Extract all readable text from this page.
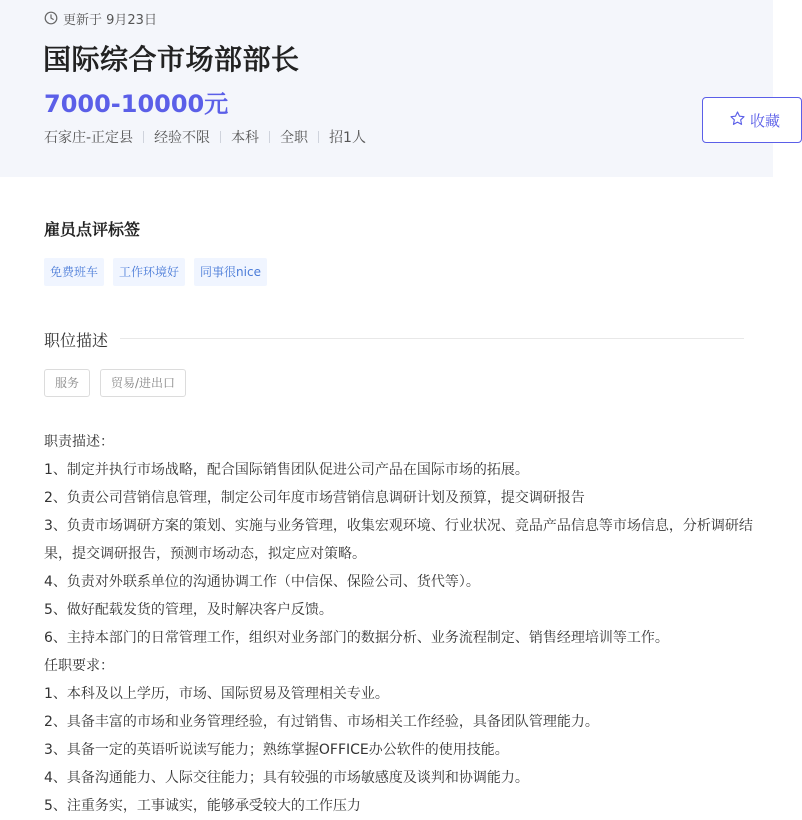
更新于 9月23日
国际综合市场部部长
7000-10000元
石家庄-正定县 经验不限 本科 全职 招1人
收藏
雇员点评标签
免费班车	工作环境好	同事很nice
职位描述
服务	贸易/进出口
职责描述：
1、制定并执行市场战略，配合国际销售团队促进公司产品在国际市场的拓展。
2、负责公司营销信息管理，制定公司年度市场营销信息调研计划及预算，提交调研报告
3、负责市场调研方案的策划、实施与业务管理，收集宏观环境、行业状况、竞品产品信息等市场信息，分析调研结果，提交调研报告，预测市场动态，拟定应对策略。
4、负责对外联系单位的沟通协调工作（中信保、保险公司、货代等）。
5、做好配载发货的管理，及时解决客户反馈。
6、主持本部门的日常管理工作，组织对业务部门的数据分析、业务流程制定、销售经理培训等工作。
任职要求：
1、本科及以上学历，市场、国际贸易及管理相关专业。
2、具备丰富的市场和业务管理经验，有过销售、市场相关工作经验，具备团队管理能力。
3、具备一定的英语听说读写能力；熟练掌握OFFICE办公软件的使用技能。
4、具备沟通能力、人际交往能力；具有较强的市场敏感度及谈判和协调能力。
5、注重务实，工事诚实，能够承受较大的工作压力
